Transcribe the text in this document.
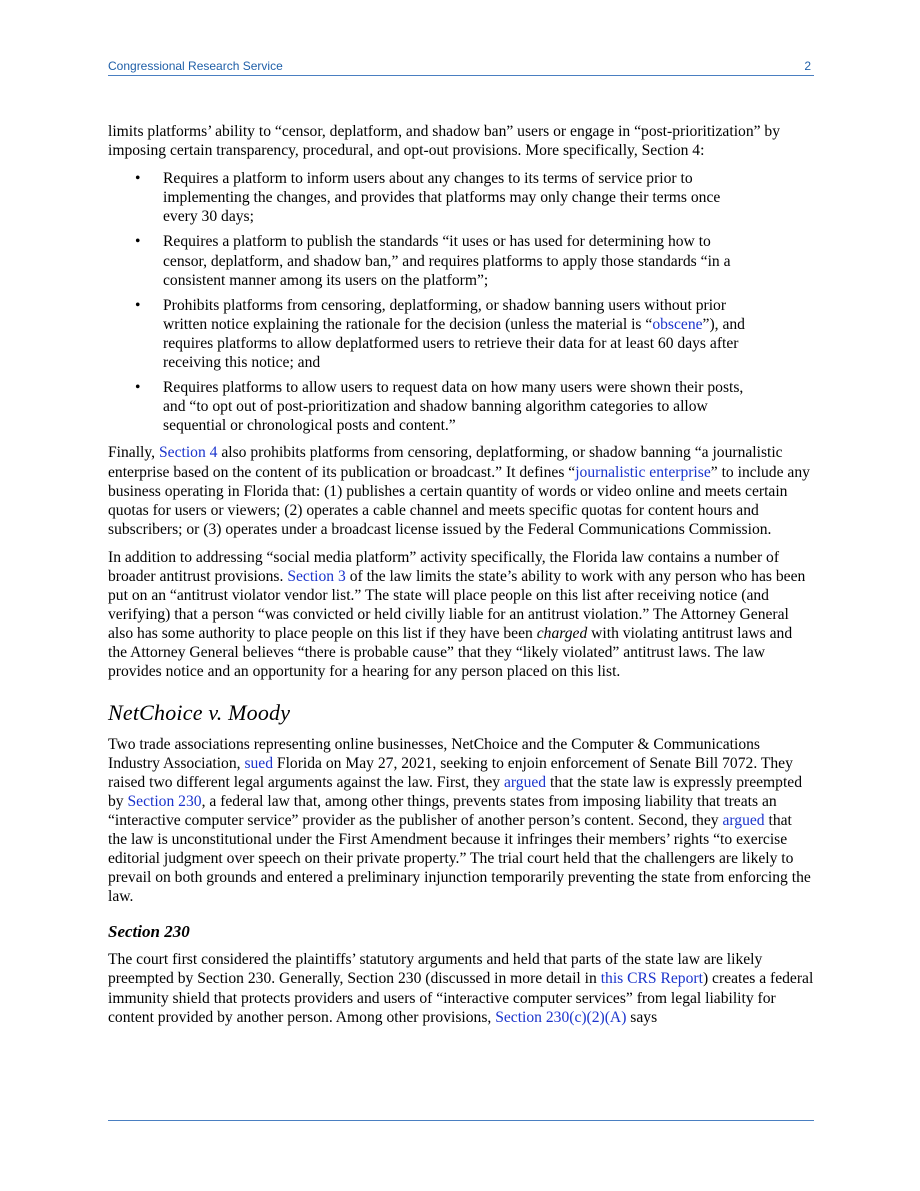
Congressional Research Service	2

limits platforms’ ability to “censor, deplatform, and shadow ban” users or engage in “post-prioritization” by imposing certain transparency, procedural, and opt-out provisions. More specifically, Section 4:

• Requires a platform to inform users about any changes to its terms of service prior to implementing the changes, and provides that platforms may only change their terms once every 30 days;
• Requires a platform to publish the standards “it uses or has used for determining how to censor, deplatform, and shadow ban,” and requires platforms to apply those standards “in a consistent manner among its users on the platform”;
• Prohibits platforms from censoring, deplatforming, or shadow banning users without prior written notice explaining the rationale for the decision (unless the material is “obscene”), and requires platforms to allow deplatformed users to retrieve their data for at least 60 days after receiving this notice; and
• Requires platforms to allow users to request data on how many users were shown their posts, and “to opt out of post-prioritization and shadow banning algorithm categories to allow sequential or chronological posts and content.”

Finally, Section 4 also prohibits platforms from censoring, deplatforming, or shadow banning “a journalistic enterprise based on the content of its publication or broadcast.” It defines “journalistic enterprise” to include any business operating in Florida that: (1) publishes a certain quantity of words or video online and meets certain quotas for users or viewers; (2) operates a cable channel and meets specific quotas for content hours and subscribers; or (3) operates under a broadcast license issued by the Federal Communications Commission.

In addition to addressing “social media platform” activity specifically, the Florida law contains a number of broader antitrust provisions. Section 3 of the law limits the state’s ability to work with any person who has been put on an “antitrust violator vendor list.” The state will place people on this list after receiving notice (and verifying) that a person “was convicted or held civilly liable for an antitrust violation.” The Attorney General also has some authority to place people on this list if they have been charged with violating antitrust laws and the Attorney General believes “there is probable cause” that they “likely violated” antitrust laws. The law provides notice and an opportunity for a hearing for any person placed on this list.

NetChoice v. Moody

Two trade associations representing online businesses, NetChoice and the Computer & Communications Industry Association, sued Florida on May 27, 2021, seeking to enjoin enforcement of Senate Bill 7072. They raised two different legal arguments against the law. First, they argued that the state law is expressly preempted by Section 230, a federal law that, among other things, prevents states from imposing liability that treats an “interactive computer service” provider as the publisher of another person’s content. Second, they argued that the law is unconstitutional under the First Amendment because it infringes their members’ rights “to exercise editorial judgment over speech on their private property.” The trial court held that the challengers are likely to prevail on both grounds and entered a preliminary injunction temporarily preventing the state from enforcing the law.

Section 230

The court first considered the plaintiffs’ statutory arguments and held that parts of the state law are likely preempted by Section 230. Generally, Section 230 (discussed in more detail in this CRS Report) creates a federal immunity shield that protects providers and users of “interactive computer services” from legal liability for content provided by another person. Among other provisions, Section 230(c)(2)(A) says
